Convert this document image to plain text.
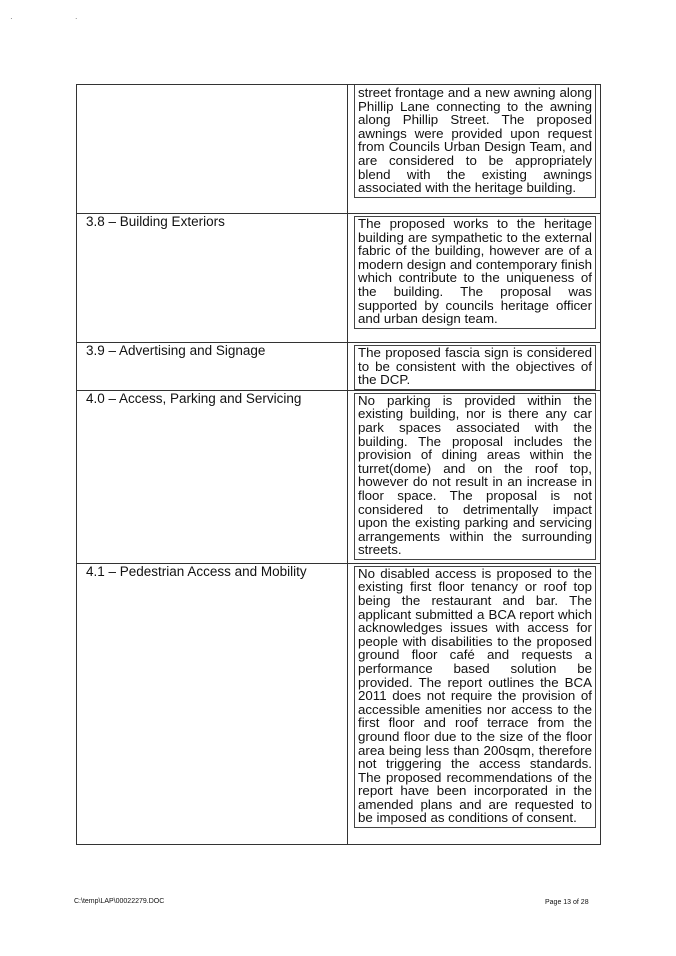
· ·

	street frontage and a new awning along Phillip Lane connecting to the awning along Phillip Street. The proposed awnings were provided upon request from Councils Urban Design Team, and are considered to be appropriately blend with the existing awnings associated with the heritage building.

3.8 – Building Exteriors	The proposed works to the heritage building are sympathetic to the external fabric of the building, however are of a modern design and contemporary finish which contribute to the uniqueness of the building. The proposal was supported by councils heritage officer and urban design team.

3.9 – Advertising and Signage	The proposed fascia sign is considered to be consistent with the objectives of the DCP.

4.0 – Access, Parking and Servicing	No parking is provided within the existing building, nor is there any car park spaces associated with the building. The proposal includes the provision of dining areas within the turret(dome) and on the roof top, however do not result in an increase in floor space. The proposal is not considered to detrimentally impact upon the existing parking and servicing arrangements within the surrounding streets.

4.1 – Pedestrian Access and Mobility	No disabled access is proposed to the existing first floor tenancy or roof top being the restaurant and bar. The applicant submitted a BCA report which acknowledges issues with access for people with disabilities to the proposed ground floor café and requests a performance based solution be provided. The report outlines the BCA 2011 does not require the provision of accessible amenities nor access to the first floor and roof terrace from the ground floor due to the size of the floor area being less than 200sqm, therefore not triggering the access standards. The proposed recommendations of the report have been incorporated in the amended plans and are requested to be imposed as conditions of consent.
C:\temp\LAP\00022279.DOC	Page 13 of 28
